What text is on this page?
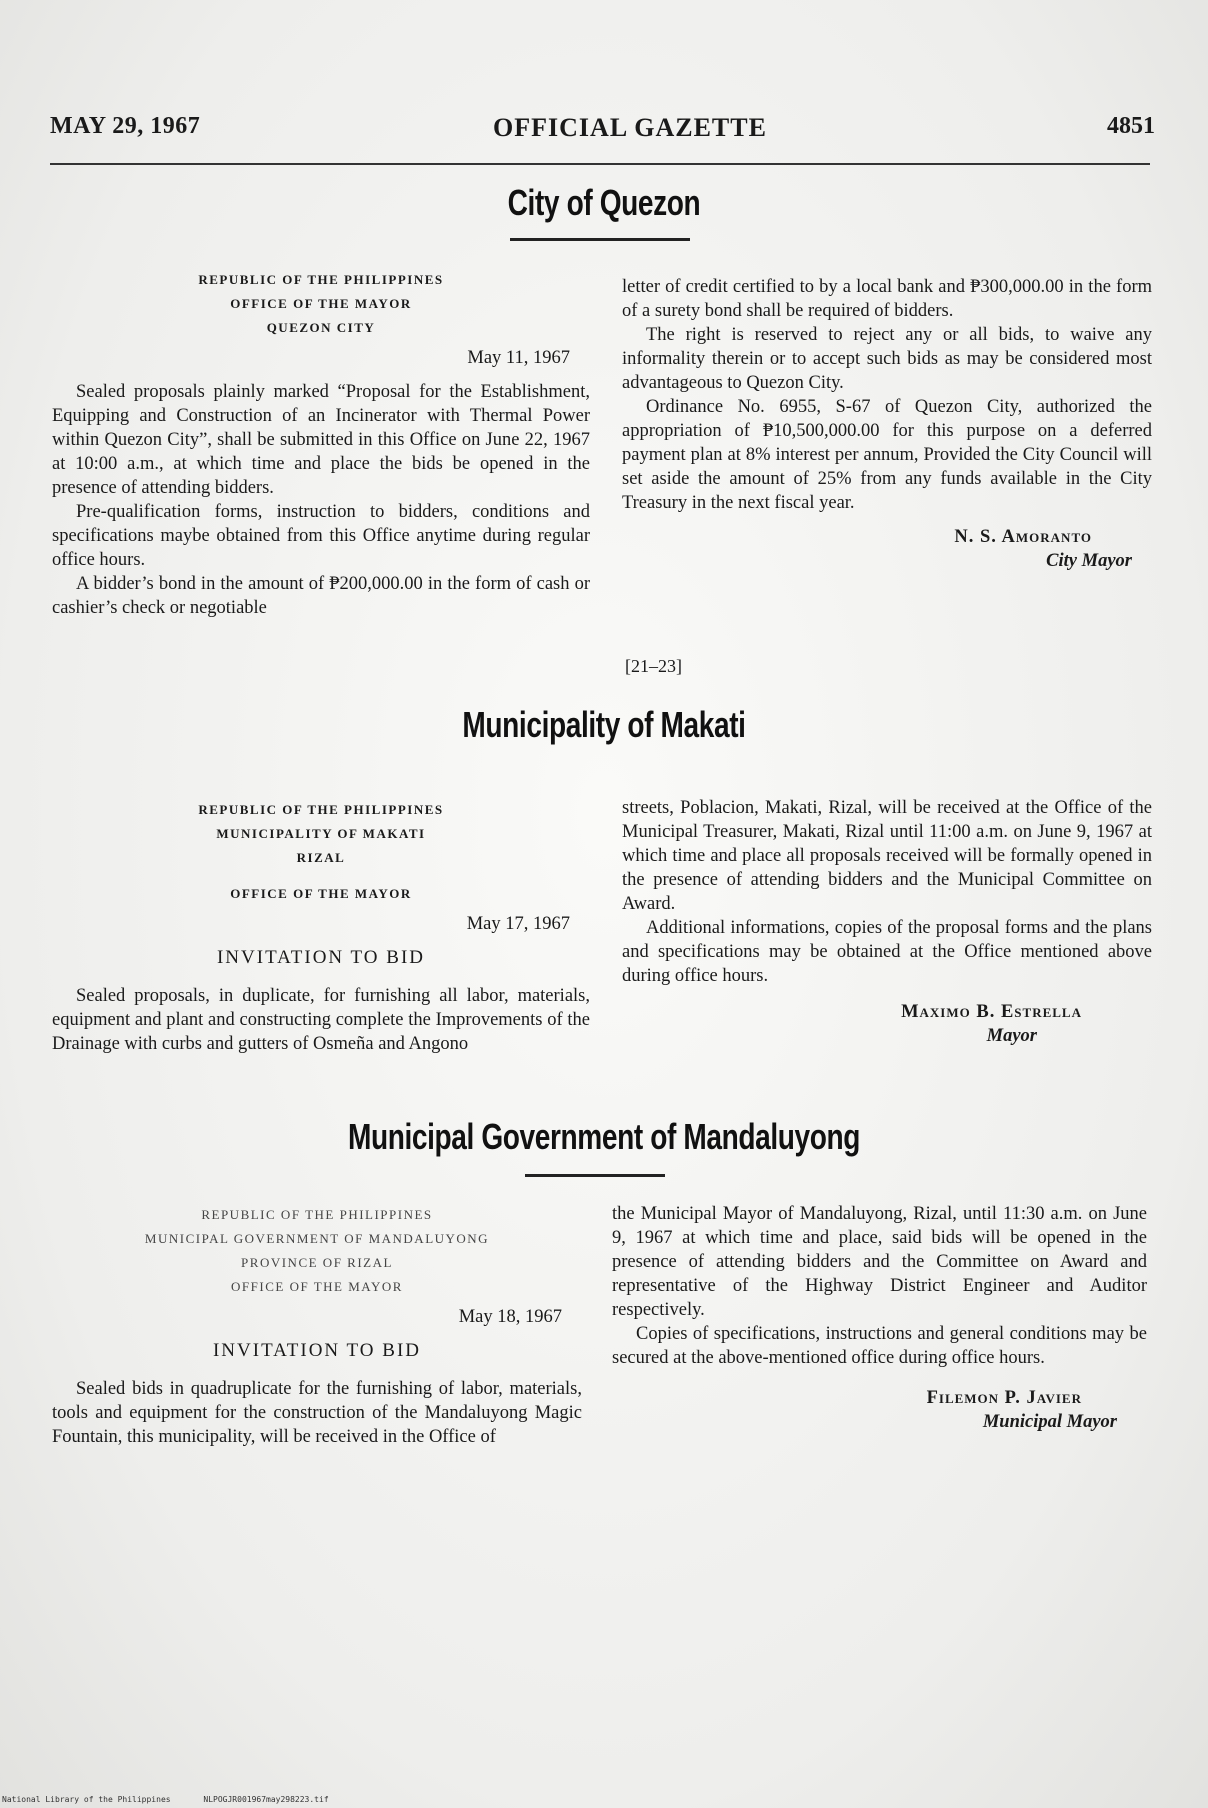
MAY 29, 1967	OFFICIAL GAZETTE	4851
City of Quezon
REPUBLIC OF THE PHILIPPINES
OFFICE OF THE MAYOR
QUEZON CITY
May 11, 1967

Sealed proposals plainly marked “Proposal for the Establishment, Equipping and Construction of an Incinerator with Thermal Power within Quezon City”, shall be submitted in this Office on June 22, 1967 at 10:00 a.m., at which time and place the bids be opened in the presence of attending bidders.

Pre-qualification forms, instruction to bidders, conditions and specifications maybe obtained from this Office anytime during regular office hours.

A bidder’s bond in the amount of ₱200,000.00 in the form of cash or cashier’s check or negotiable

letter of credit certified to by a local bank and ₱300,000.00 in the form of a surety bond shall be required of bidders.

The right is reserved to reject any or all bids, to waive any informality therein or to accept such bids as may be considered most advantageous to Quezon City.

Ordinance No. 6955, S-67 of Quezon City, authorized the appropriation of ₱10,500,000.00 for this purpose on a deferred payment plan at 8% interest per annum, Provided the City Council will set aside the amount of 25% from any funds available in the City Treasury in the next fiscal year.

N. S. Amoranto
City Mayor
[21–23]
Municipality of Makati
REPUBLIC OF THE PHILIPPINES
MUNICIPALITY OF MAKATI
RIZAL
OFFICE OF THE MAYOR
May 17, 1967
INVITATION TO BID

Sealed proposals, in duplicate, for furnishing all labor, materials, equipment and plant and constructing complete the Improvements of the Drainage with curbs and gutters of Osmeña and Angono

streets, Poblacion, Makati, Rizal, will be received at the Office of the Municipal Treasurer, Makati, Rizal until 11:00 a.m. on June 9, 1967 at which time and place all proposals received will be formally opened in the presence of attending bidders and the Municipal Committee on Award.

Additional informations, copies of the proposal forms and the plans and specifications may be obtained at the Office mentioned above during office hours.

Maximo B. Estrella
Mayor
Municipal Government of Mandaluyong
REPUBLIC OF THE PHILIPPINES
MUNICIPAL GOVERNMENT OF MANDALUYONG
PROVINCE OF RIZAL
OFFICE OF THE MAYOR
May 18, 1967
INVITATION TO BID

Sealed bids in quadruplicate for the furnishing of labor, materials, tools and equipment for the construction of the Mandaluyong Magic Fountain, this municipality, will be received in the Office of

the Municipal Mayor of Mandaluyong, Rizal, until 11:30 a.m. on June 9, 1967 at which time and place, said bids will be opened in the presence of attending bidders and the Committee on Award and representative of the Highway District Engineer and Auditor respectively.

Copies of specifications, instructions and general conditions may be secured at the above-mentioned office during office hours.

Filemon P. Javier
Municipal Mayor
National Library of the Philippines	NLPOGJR001967may298223.tif
